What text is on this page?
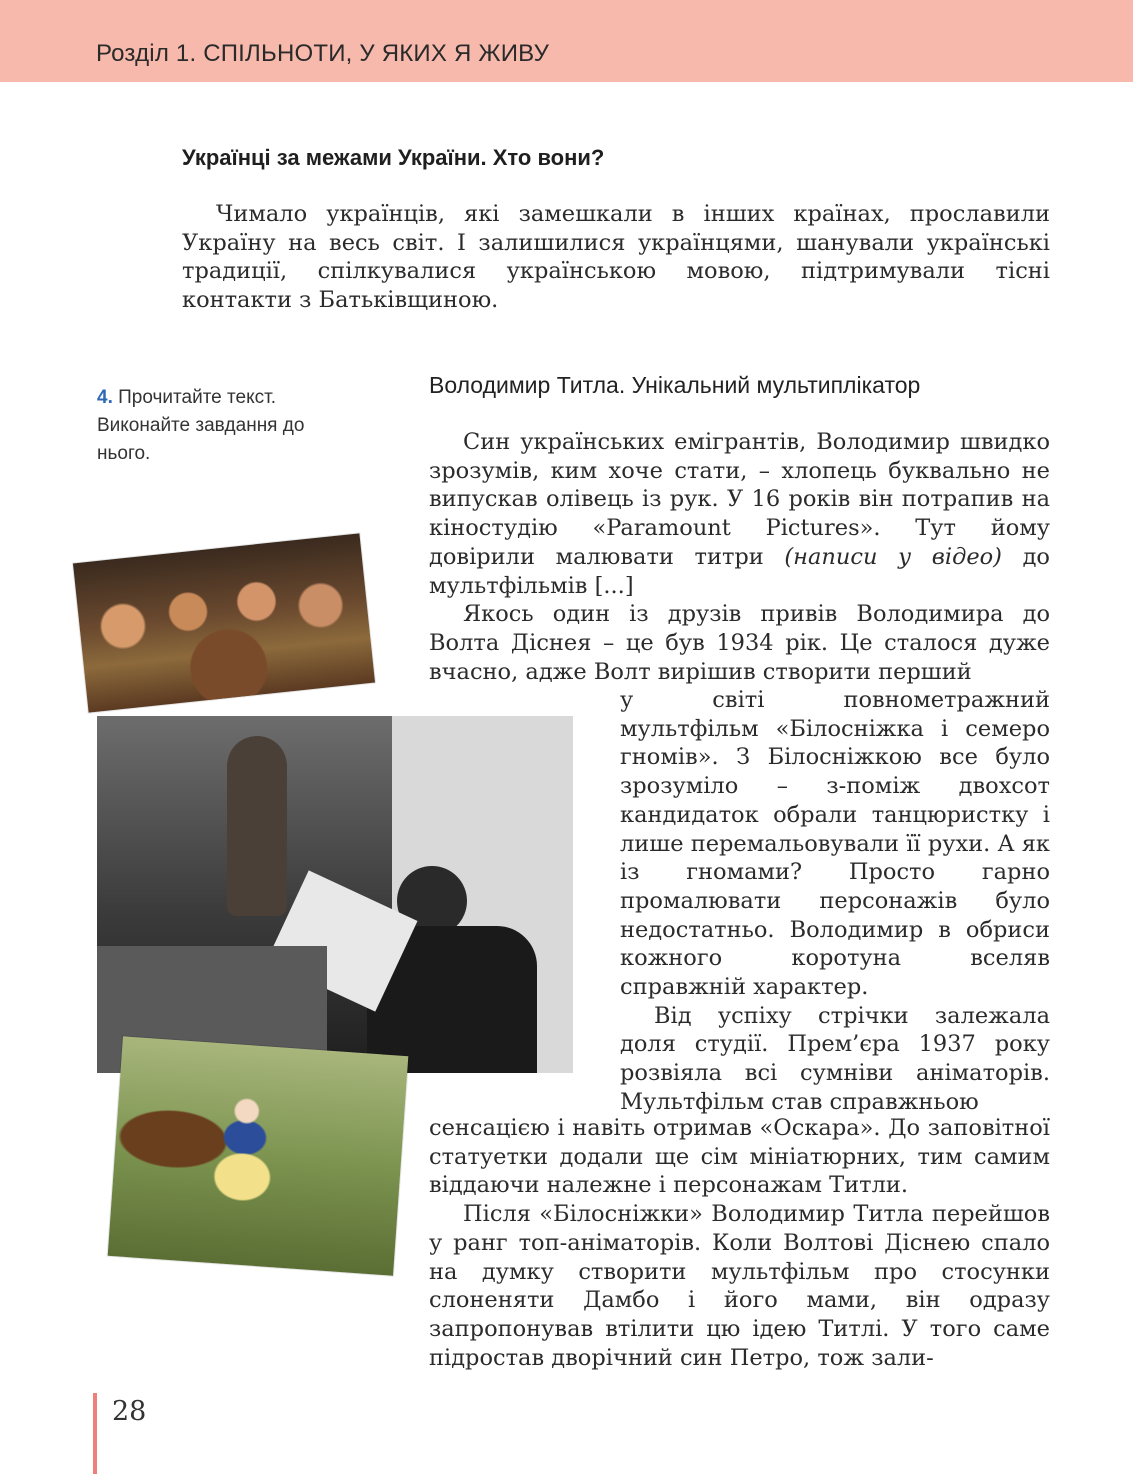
Розділ 1. СПІЛЬНОТИ, У ЯКИХ Я ЖИВУ
Українці за межами України. Хто вони?

Чимало українців, які замешкали в інших країнах, прославили Україну на весь світ. І залишилися українцями, шанували українські традиції, спілкувалися українською мовою, підтримували тісні контакти з Батьківщиною.

4. Прочитайте текст. Виконайте завдання до нього.
Володимир Титла. Унікальний мультиплікатор

Син українських емігрантів, Володимир швидко зрозумів, ким хоче стати, – хлопець буквально не випускав олівець із рук. У 16 років він потрапив на кіностудію «Paramount Pictures». Тут йому довірили малювати титри (написи у відео) до мультфільмів [...]

Якось один із друзів привів Володимира до Волта Діснея – це був 1934 рік. Це сталося дуже вчасно, адже Волт вирішив створити перший

у світі повнометражний мультфільм «Білосніжка і семеро гномів». З Білосніжкою все було зрозуміло – з-поміж двохсот кандидаток обрали танцюристку і лише перемальовували її рухи. А як із гномами? Просто гарно промалювати персонажів було недостатньо. Володимир в обриси кожного коротуна вселяв справжній характер.

Від успіху стрічки залежала доля студії. Прем’єра 1937 року розвіяла всі сумніви аніматорів. Мультфільм став справжньою

сенсацією і навіть отримав «Оскара». До заповітної статуетки додали ще сім мініатюрних, тим самим віддаючи належне і персонажам Титли.

Після «Білосніжки» Володимир Титла перейшов у ранг топ-аніматорів. Коли Волтові Діснею спало на думку створити мультфільм про стосунки слоненяти Дамбо і його мами, він одразу запропонував втілити цю ідею Титлі. У того саме підростав дворічний син Петро, тож зали-

28
